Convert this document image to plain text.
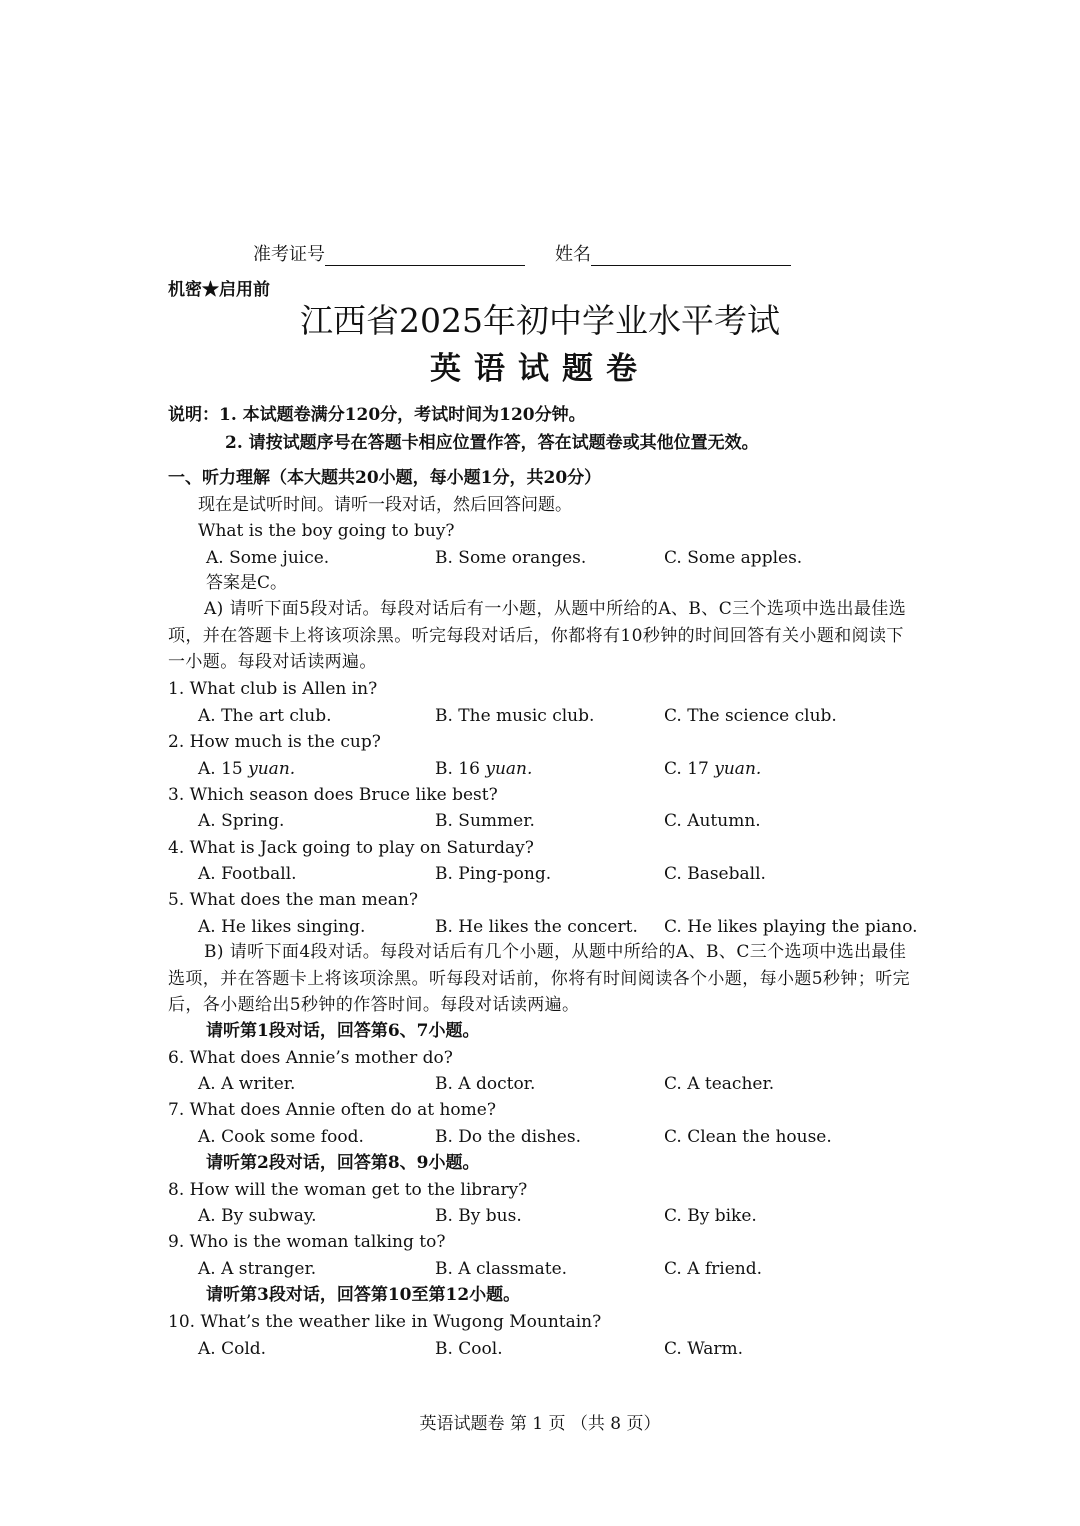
准考证号	姓名
机密★启用前
江西省2025年初中学业水平考试
英语试题卷
说明：1. 本试题卷满分120分，考试时间为120分钟。
2. 请按试题序号在答题卡相应位置作答，答在试题卷或其他位置无效。
一、听力理解（本大题共20小题，每小题1分，共20分）
现在是试听时间。请听一段对话，然后回答问题。
What is the boy going to buy?
A. Some juice.	B. Some oranges.	C. Some apples.
答案是C。
A) 请听下面5段对话。每段对话后有一小题，从题中所给的A、B、C三个选项中选出最佳选项，并在答题卡上将该项涂黑。听完每段对话后，你都将有10秒钟的时间回答有关小题和阅读下一小题。每段对话读两遍。
1. What club is Allen in?
A. The art club.	B. The music club.	C. The science club.
2. How much is the cup?
A. 15 yuan.	B. 16 yuan.	C. 17 yuan.
3. Which season does Bruce like best?
A. Spring.	B. Summer.	C. Autumn.
4. What is Jack going to play on Saturday?
A. Football.	B. Ping-pong.	C. Baseball.
5. What does the man mean?
A. He likes singing.	B. He likes the concert. C. He likes playing the piano.
B) 请听下面4段对话。每段对话后有几个小题，从题中所给的A、B、C三个选项中选出最佳选项，并在答题卡上将该项涂黑。听每段对话前，你将有时间阅读各个小题，每小题5秒钟；听完后，各小题给出5秒钟的作答时间。每段对话读两遍。
请听第1段对话，回答第6、7小题。
6. What does Annie’s mother do?
A. A writer.	B. A doctor.	C. A teacher.
7. What does Annie often do at home?
A. Cook some food.	B. Do the dishes.	C. Clean the house.
请听第2段对话，回答第8、9小题。
8. How will the woman get to the library?
A. By subway.	B. By bus.	C. By bike.
9. Who is the woman talking to?
A. A stranger.	B. A classmate.	C. A friend.
请听第3段对话，回答第10至第12小题。
10. What’s the weather like in Wugong Mountain?
A. Cold.	B. Cool.	C. Warm.
英语试题卷 第 1 页 （共 8 页）
